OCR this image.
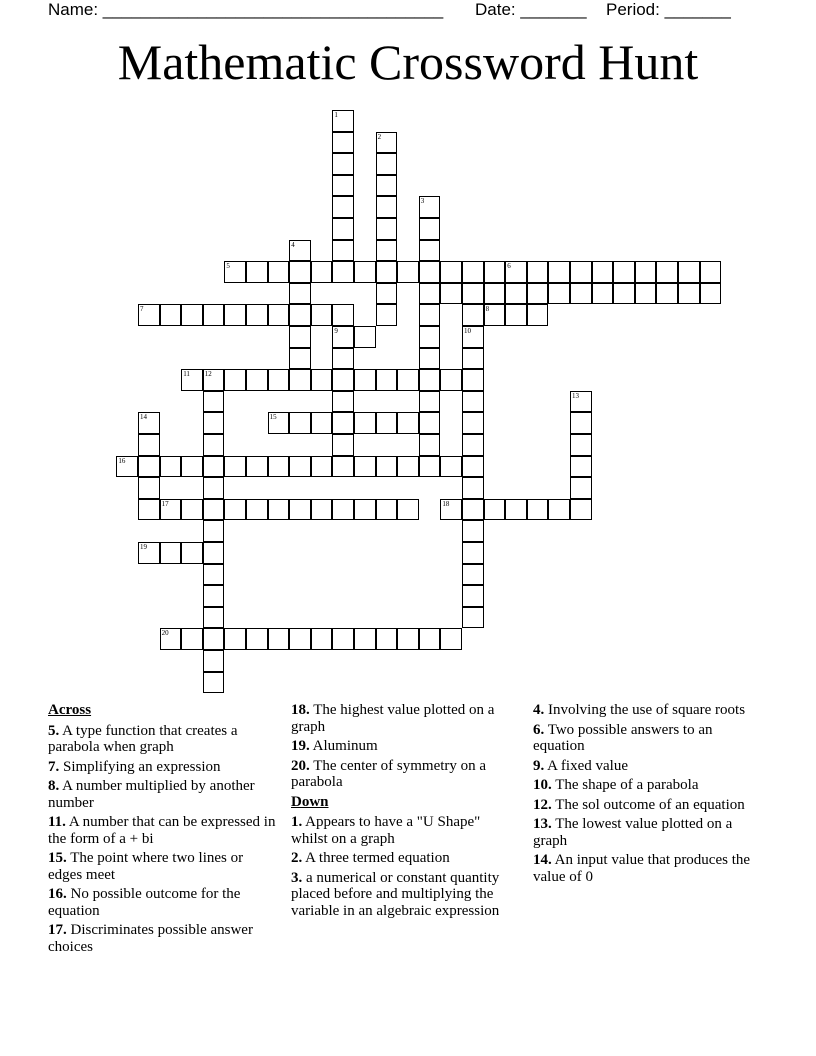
Name: ____________________________________

Date: _______

Period: _______

Mathematic Crossword Hunt
1
2
3
4
5	6
7	8
9	10
11 12
14	15
13
16
17	18
19
20
Across
5. A type function that creates a parabola when graph
7. Simplifying an expression
8. A number multiplied by another number
11. A number that can be expressed in the form of a + bi
15. The point where two lines or edges meet
16. No possible outcome for the equation
17. Discriminates possible answer choices
18. The highest value plotted on a graph
19. Aluminum
20. The center of symmetry on a parabola
Down
1. Appears to have a "U Shape" whilst on a graph
2. A three termed equation
3. a numerical or constant quantity placed before and multiplying the variable in an algebraic expression
4. Involving the use of square roots
6. Two possible answers to an equation
9. A fixed value
10. The shape of a parabola
12. The sol outcome of an equation
13. The lowest value plotted on a graph
14. An input value that produces the value of 0
